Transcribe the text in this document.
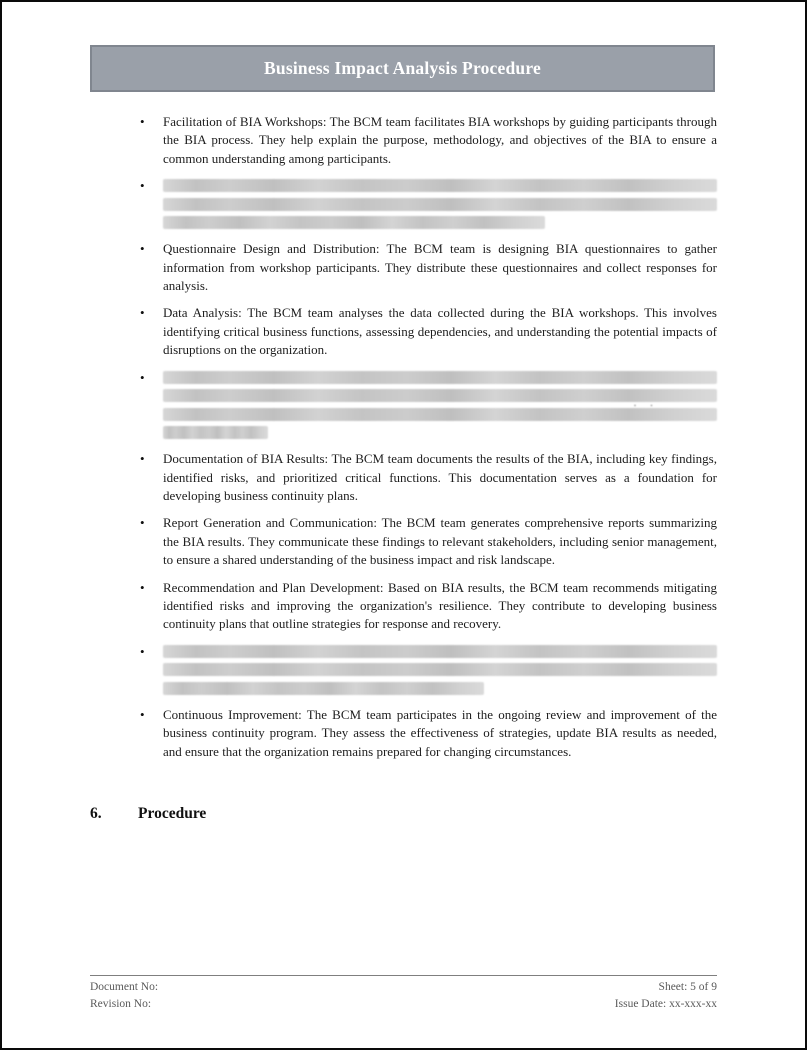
Business Impact Analysis Procedure
• Facilitation of BIA Workshops: The BCM team facilitates BIA workshops by guiding participants through the BIA process. They help explain the purpose, methodology, and objectives of the BIA to ensure a common understanding among participants.
•
• Questionnaire Design and Distribution: The BCM team is designing BIA questionnaires to gather information from workshop participants. They distribute these questionnaires and collect responses for analysis.
• Data Analysis: The BCM team analyses the data collected during the BIA workshops. This involves identifying critical business functions, assessing dependencies, and understanding the potential impacts of disruptions on the organization.
• . .
• Documentation of BIA Results: The BCM team documents the results of the BIA, including key findings, identified risks, and prioritized critical functions. This documentation serves as a foundation for developing business continuity plans.
• Report Generation and Communication: The BCM team generates comprehensive reports summarizing the BIA results. They communicate these findings to relevant stakeholders, including senior management, to ensure a shared understanding of the business impact and risk landscape.
• Recommendation and Plan Development: Based on BIA results, the BCM team recommends mitigating identified risks and improving the organization's resilience. They contribute to developing business continuity plans that outline strategies for response and recovery.
•
• Continuous Improvement: The BCM team participates in the ongoing review and improvement of the business continuity program. They assess the effectiveness of strategies, update BIA results as needed, and ensure that the organization remains prepared for changing circumstances.
6.	Procedure
Document No:
Revision No:
Sheet: 5 of 9
Issue Date: xx-xxx-xx
